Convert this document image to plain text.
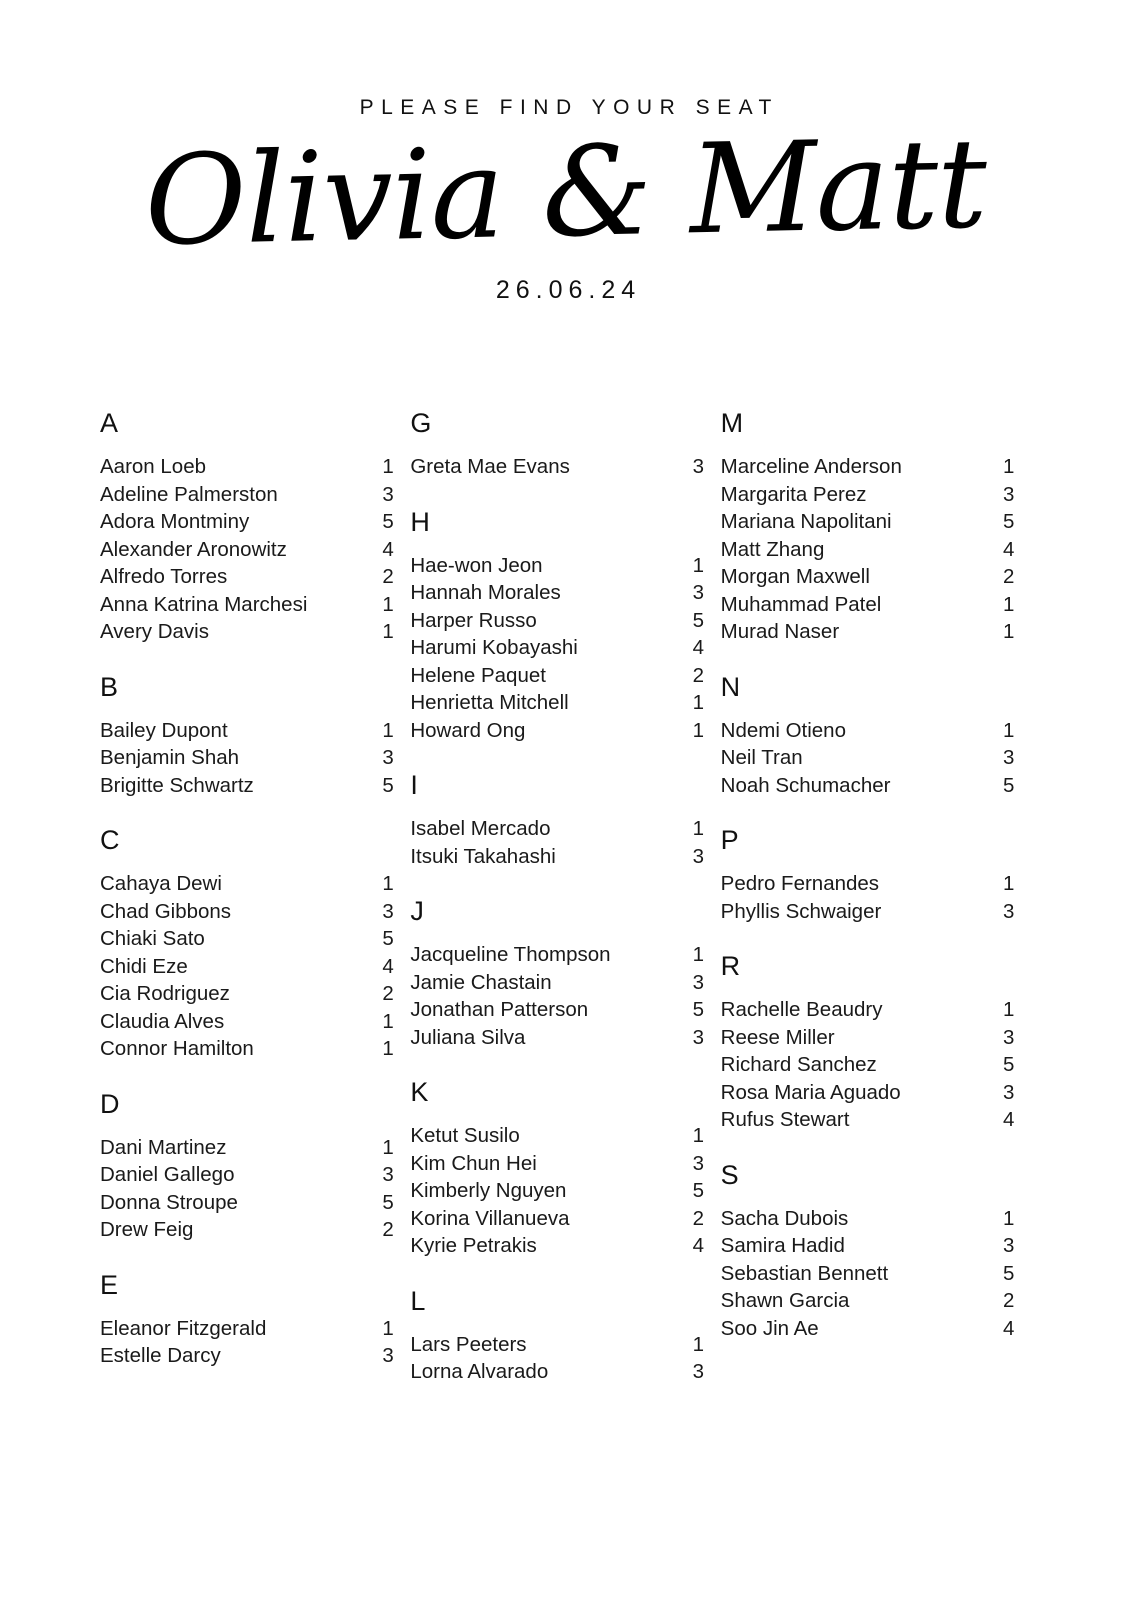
PLEASE FIND YOUR SEAT
Olivia & Matt
26.06.24
A
Aaron Loeb	1
Adeline Palmerston	3
Adora Montminy	5
Alexander Aronowitz	4
Alfredo Torres	2
Anna Katrina Marchesi	1
Avery Davis	1
B
Bailey Dupont	1
Benjamin Shah	3
Brigitte Schwartz	5
C
Cahaya Dewi	1
Chad Gibbons	3
Chiaki Sato	5
Chidi Eze	4
Cia Rodriguez	2
Claudia Alves	1
Connor Hamilton	1
D
Dani Martinez	1
Daniel Gallego	3
Donna Stroupe	5
Drew Feig	2
E
Eleanor Fitzgerald	1
Estelle Darcy	3
G
Greta Mae Evans	3
H
Hae-won Jeon	1
Hannah Morales	3
Harper Russo	5
Harumi Kobayashi	4
Helene Paquet	2
Henrietta Mitchell	1
Howard Ong	1
I
Isabel Mercado	1
Itsuki Takahashi	3
J
Jacqueline Thompson	1
Jamie Chastain	3
Jonathan Patterson	5
Juliana Silva	3
K
Ketut Susilo	1
Kim Chun Hei	3
Kimberly Nguyen	5
Korina Villanueva	2
Kyrie Petrakis	4
L
Lars Peeters	1
Lorna Alvarado	3
M
Marceline Anderson	1
Margarita Perez	3
Mariana Napolitani	5
Matt Zhang	4
Morgan Maxwell	2
Muhammad Patel	1
Murad Naser	1
N
Ndemi Otieno	1
Neil Tran	3
Noah Schumacher	5
P
Pedro Fernandes	1
Phyllis Schwaiger	3
R
Rachelle Beaudry	1
Reese Miller	3
Richard Sanchez	5
Rosa Maria Aguado	3
Rufus Stewart	4
S
Sacha Dubois	1
Samira Hadid	3
Sebastian Bennett	5
Shawn Garcia	2
Soo Jin Ae	4
